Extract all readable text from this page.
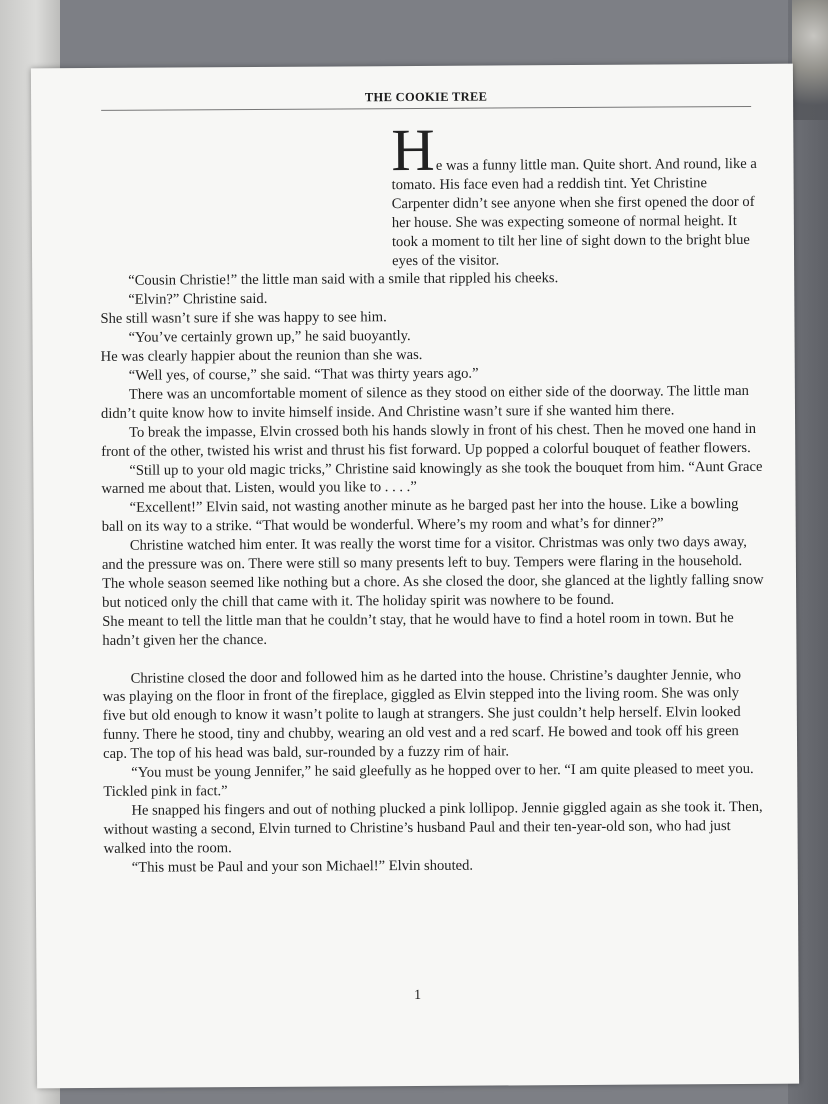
THE COOKIE TREE

He was a funny little man. Quite short. And round, like a tomato. His face even had a reddish tint. Yet Christine Carpenter didn’t see anyone when she first opened the door of her house. She was expecting someone of normal height. It took a moment to tilt her line of sight down to the bright blue eyes of the visitor.

“Cousin Christie!” the little man said with a smile that rippled his cheeks.

“Elvin?” Christine said.

She still wasn’t sure if she was happy to see him.

“You’ve certainly grown up,” he said buoyantly.

He was clearly happier about the reunion than she was.

“Well yes, of course,” she said. “That was thirty years ago.”

There was an uncomfortable moment of silence as they stood on either side of the doorway. The little man didn’t quite know how to invite himself inside. And Christine wasn’t sure if she wanted him there.

To break the impasse, Elvin crossed both his hands slowly in front of his chest. Then he moved one hand in front of the other, twisted his wrist and thrust his fist forward. Up popped a colorful bouquet of feather flowers.

“Still up to your old magic tricks,” Christine said knowingly as she took the bouquet from him. “Aunt Grace warned me about that. Listen, would you like to . . . .”

“Excellent!” Elvin said, not wasting another minute as he barged past her into the house. Like a bowling ball on its way to a strike. “That would be wonderful. Where’s my room and what’s for dinner?”

Christine watched him enter. It was really the worst time for a visitor. Christmas was only two days away, and the pressure was on. There were still so many presents left to buy. Tempers were flaring in the household. The whole season seemed like nothing but a chore. As she closed the door, she glanced at the lightly falling snow but noticed only the chill that came with it. The holiday spirit was nowhere to be found.

She meant to tell the little man that he couldn’t stay, that he would have to find a hotel room in town. But he hadn’t given her the chance.

Christine closed the door and followed him as he darted into the house. Christine’s daughter Jennie, who was playing on the floor in front of the fireplace, giggled as Elvin stepped into the living room. She was only five but old enough to know it wasn’t polite to laugh at strangers. She just couldn’t help herself. Elvin looked funny. There he stood, tiny and chubby, wearing an old vest and a red scarf. He bowed and took off his green cap. The top of his head was bald, sur-rounded by a fuzzy rim of hair.

“You must be young Jennifer,” he said gleefully as he hopped over to her. “I am quite pleased to meet you. Tickled pink in fact.”

He snapped his fingers and out of nothing plucked a pink lollipop. Jennie giggled again as she took it. Then, without wasting a second, Elvin turned to Christine’s husband Paul and their ten-year-old son, who had just walked into the room.

“This must be Paul and your son Michael!” Elvin shouted.

1
